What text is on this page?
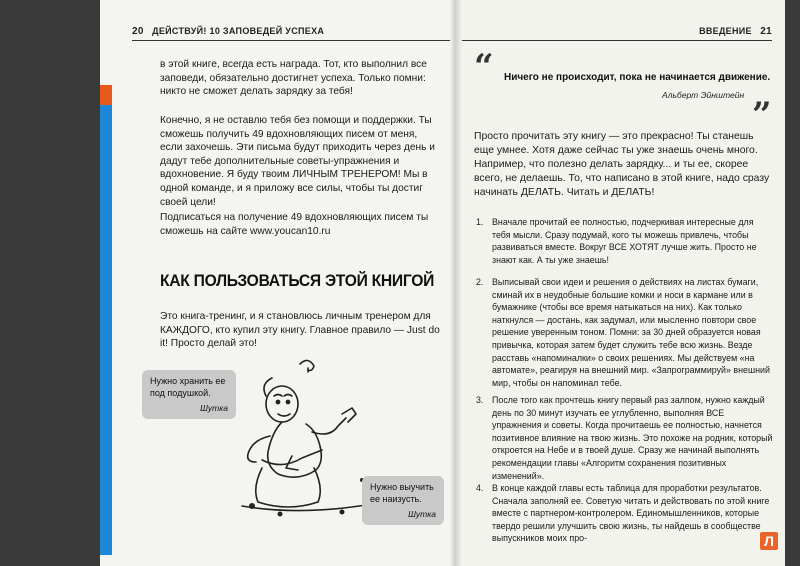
20 ДЕЙСТВУЙ! 10 ЗАПОВЕДЕЙ УСПЕХА
в этой книге, всегда есть награда. Тот, кто выполнил все заповеди, обязательно достигнет успеха. Только помни: никто не сможет делать зарядку за тебя!
Конечно, я не оставлю тебя без помощи и поддержки. Ты сможешь получить 49 вдохновляющих писем от меня, если захочешь. Эти письма будут приходить через день и дадут тебе дополнительные советы-упражнения и вдохновение. Я буду твоим ЛИЧНЫМ ТРЕНЕРОМ! Мы в одной команде, и я приложу все силы, чтобы ты достиг своей цели!
Подписаться на получение 49 вдохновляющих писем ты сможешь на сайте www.youcan10.ru
КАК ПОЛЬЗОВАТЬСЯ ЭТОЙ КНИГОЙ
Это книга-тренинг, и я становлюсь личным тренером для КАЖДОГО, кто купил эту книгу. Главное правило — Just do it! Просто делай это!
Нужно хранить ее под подушкой.
Шутка
Нужно выучить ее наизусть.
Шутка
ВВЕДЕНИЕ 21
“ Ничего не происходит, пока не начинается движение.
Альберт Эйнштейн ”
Просто прочитать эту книгу — это прекрасно! Ты станешь еще умнее. Хотя даже сейчас ты уже знаешь очень много. Например, что полезно делать зарядку... и ты ее, скорее всего, не делаешь. То, что написано в этой книге, надо сразу начинать ДЕЛАТЬ. Читать и ДЕЛАТЬ!
1. Вначале прочитай ее полностью, подчеркивая интересные для тебя мысли. Сразу подумай, кого ты можешь привлечь, чтобы развиваться вместе. Вокруг ВСЕ ХОТЯТ лучше жить. Просто не знают как. А ты уже знаешь!
2. Выписывай свои идеи и решения о действиях на листах бумаги, сминай их в неудобные большие комки и носи в кармане или в бумажнике (чтобы все время натыкаться на них). Как только наткнулся — достань, как задумал, или мысленно повтори свое решение уверенным тоном. Помни: за 30 дней образуется новая привычка, которая затем будет служить тебе всю жизнь. Везде расставь «напоминалки» о своих решениях. Мы действуем «на автомате», реагируя на внешний мир. «Запрограммируй» внешний мир, чтобы он напоминал тебе.
3. После того как прочтешь книгу первый раз залпом, нужно каждый день по 30 минут изучать ее углубленно, выполняя ВСЕ упражнения и советы. Когда прочитаешь ее полностью, начнется позитивное влияние на твою жизнь. Это похоже на родник, который откроется на Небе и в твоей душе. Сразу же начинай выполнять рекомендации главы «Алгоритм сохранения позитивных изменений».
4. В конце каждой главы есть таблица для проработки результатов. Сначала заполняй ее. Советую читать и действовать по этой книге вместе с партнером-контролером. Единомышленников, которые твердо решили улучшить свою жизнь, ты найдешь в сообществе выпускников моих про-	Л
